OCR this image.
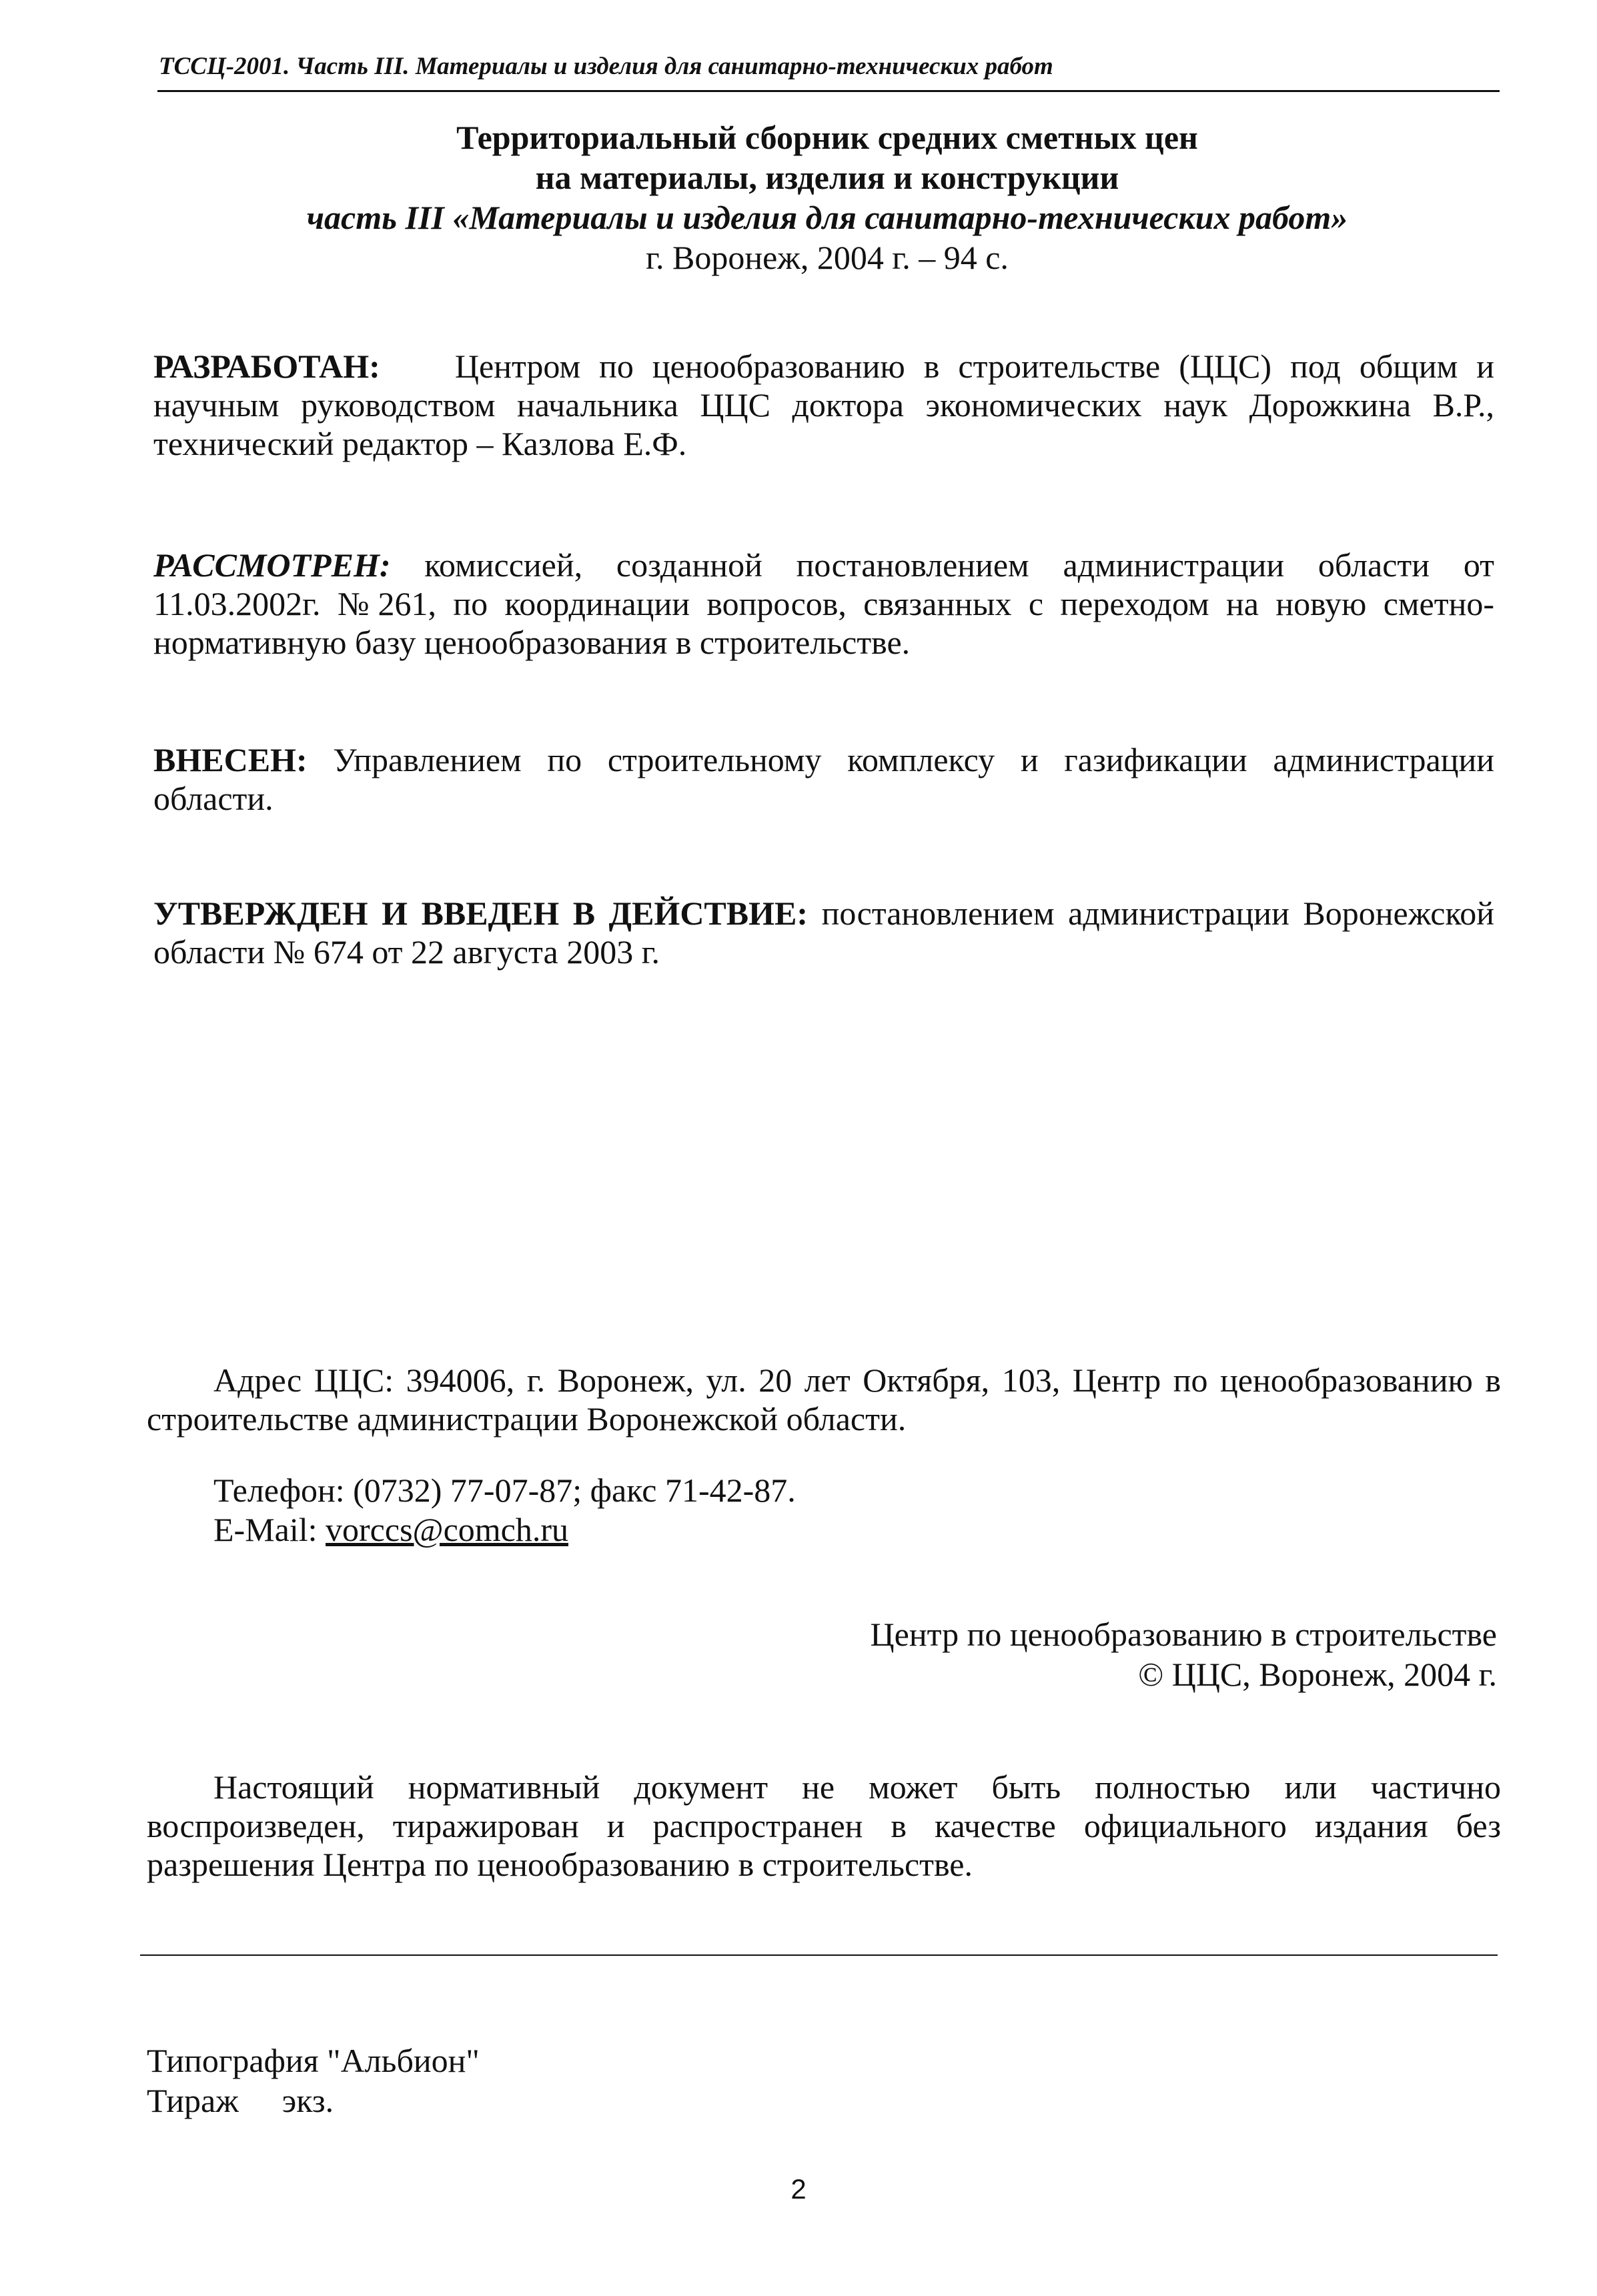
ТССЦ-2001. Часть III. Материалы и изделия для санитарно-технических работ
Территориальный сборник средних сметных цен
на материалы, изделия и конструкции
часть III «Материалы и изделия для санитарно-технических работ»
г. Воронеж, 2004 г. – 94 с.

РАЗРАБОТАН: Центром по ценообразованию в строительстве (ЦЦС) под общим и научным руководством начальника ЦЦС доктора экономических наук Дорожкина В.Р., технический редактор – Казлова Е.Ф.

РАССМОТРЕН: комиссией, созданной постановлением администрации области от 11.03.2002г. №261, по координации вопросов, связанных с переходом на новую сметно-нормативную базу ценообразования в строительстве.

ВНЕСЕН: Управлением по строительному комплексу и газификации администрации области.

УТВЕРЖДЕН И ВВЕДЕН В ДЕЙСТВИЕ: постановлением администрации Воронежской области № 674 от 22 августа 2003 г.

Адрес ЦЦС: 394006, г. Воронеж, ул. 20 лет Октября, 103, Центр по ценообразованию в строительстве администрации Воронежской области.

Телефон: (0732) 77-07-87; факс 71-42-87.
E-Mail: vorccs@comch.ru
Центр по ценообразованию в строительстве
© ЦЦС, Воронеж, 2004 г.

Настоящий нормативный документ не может быть полностью или частично воспроизведен, тиражирован и распространен в качестве официального издания без разрешения Центра по ценообразованию в строительстве.

Типография "Альбион"
Тираж экз.
2
